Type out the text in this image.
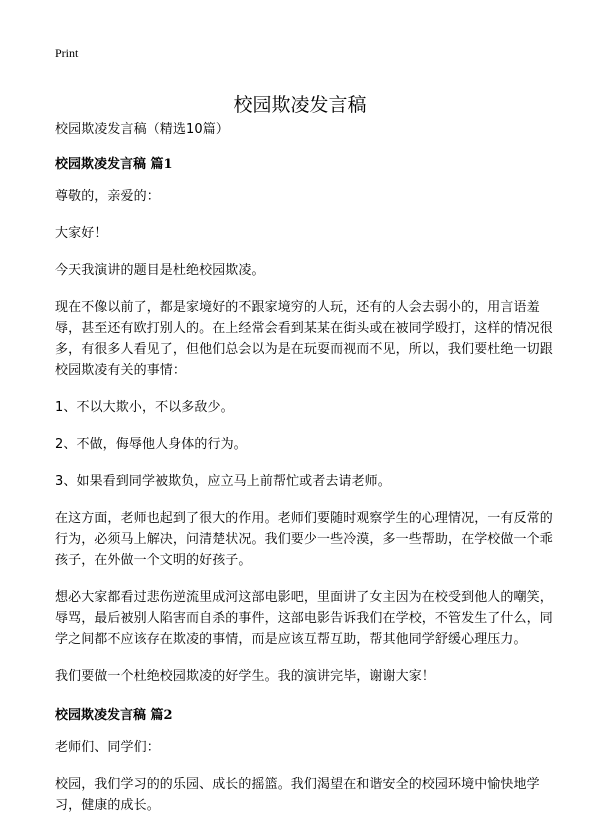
Print
校园欺凌发言稿

校园欺凌发言稿（精选10篇）

校园欺凌发言稿 篇1

尊敬的，亲爱的：

大家好！

今天我演讲的题目是杜绝校园欺凌。

现在不像以前了，都是家境好的不跟家境穷的人玩，还有的人会去弱小的，用言语羞辱，甚至还有欧打别人的。在上经常会看到某某在街头或在被同学殴打，这样的情况很多，有很多人看见了，但他们总会以为是在玩耍而视而不见，所以，我们要杜绝一切跟校园欺凌有关的事情：

1、不以大欺小，不以多敌少。

2、不做，侮辱他人身体的行为。

3、如果看到同学被欺负，应立马上前帮忙或者去请老师。

在这方面，老师也起到了很大的作用。老师们要随时观察学生的心理情况，一有反常的行为，必须马上解决，问清楚状况。我们要少一些冷漠，多一些帮助，在学校做一个乖孩子，在外做一个文明的好孩子。

想必大家都看过悲伤逆流里成河这部电影吧，里面讲了女主因为在校受到他人的嘲笑，辱骂，最后被别人陷害而自杀的事件，这部电影告诉我们在学校，不管发生了什么，同学之间都不应该存在欺凌的事情，而是应该互帮互助，帮其他同学舒缓心理压力。

我们要做一个杜绝校园欺凌的好学生。我的演讲完毕，谢谢大家！

校园欺凌发言稿 篇2

老师们、同学们：

校园，我们学习的的乐园、成长的摇篮。我们渴望在和谐安全的校园环境中愉快地学习，健康的成长。
